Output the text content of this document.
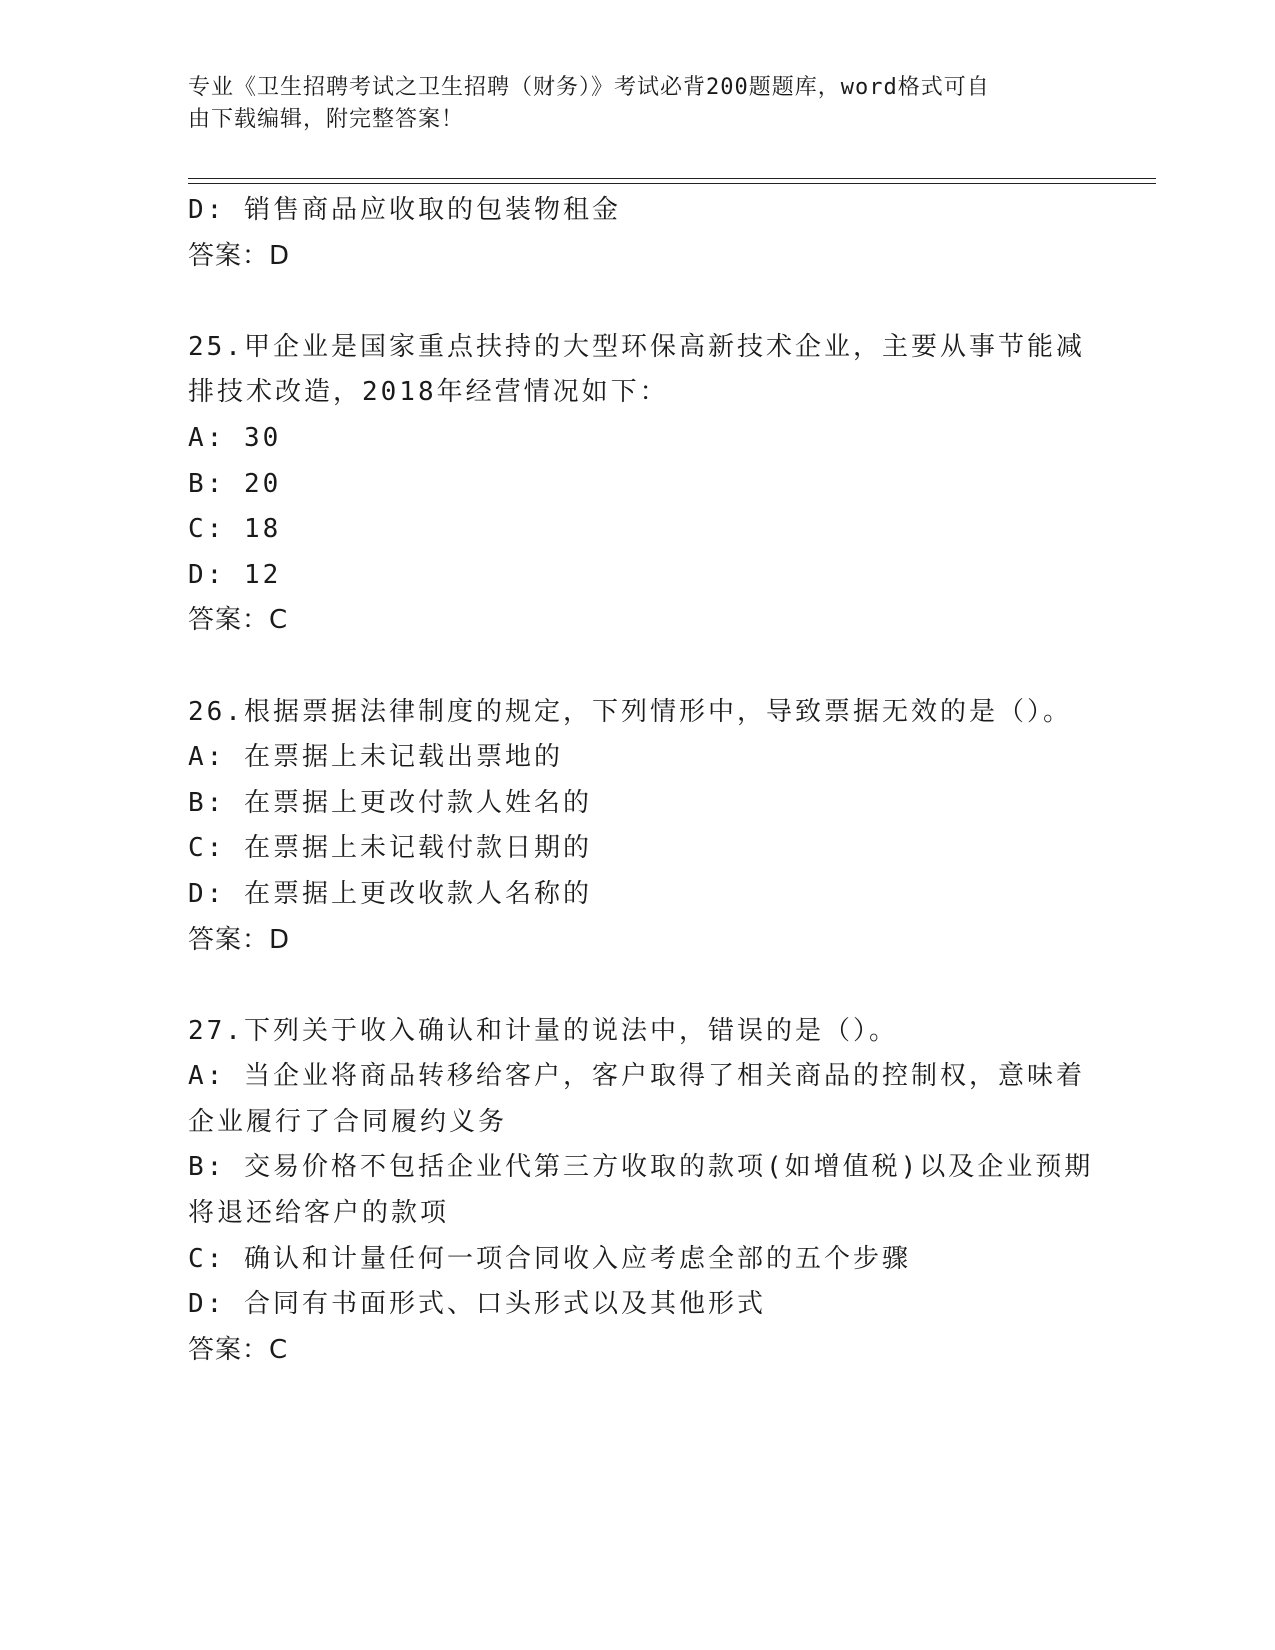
专业《卫生招聘考试之卫生招聘（财务）》考试必背200题题库，word格式可自
由下载编辑，附完整答案！
D: 销售商品应收取的包装物租金
答案：D
25.甲企业是国家重点扶持的大型环保高新技术企业，主要从事节能减
排技术改造，2018年经营情况如下：
A: 30
B: 20
C: 18
D: 12
答案：C
26.根据票据法律制度的规定，下列情形中，导致票据无效的是（）。
A: 在票据上未记载出票地的
B: 在票据上更改付款人姓名的
C: 在票据上未记载付款日期的
D: 在票据上更改收款人名称的
答案：D
27.下列关于收入确认和计量的说法中，错误的是（）。
A: 当企业将商品转移给客户，客户取得了相关商品的控制权，意味着
企业履行了合同履约义务
B: 交易价格不包括企业代第三方收取的款项(如增值税)以及企业预期
将退还给客户的款项
C: 确认和计量任何一项合同收入应考虑全部的五个步骤
D: 合同有书面形式、口头形式以及其他形式
答案：C
